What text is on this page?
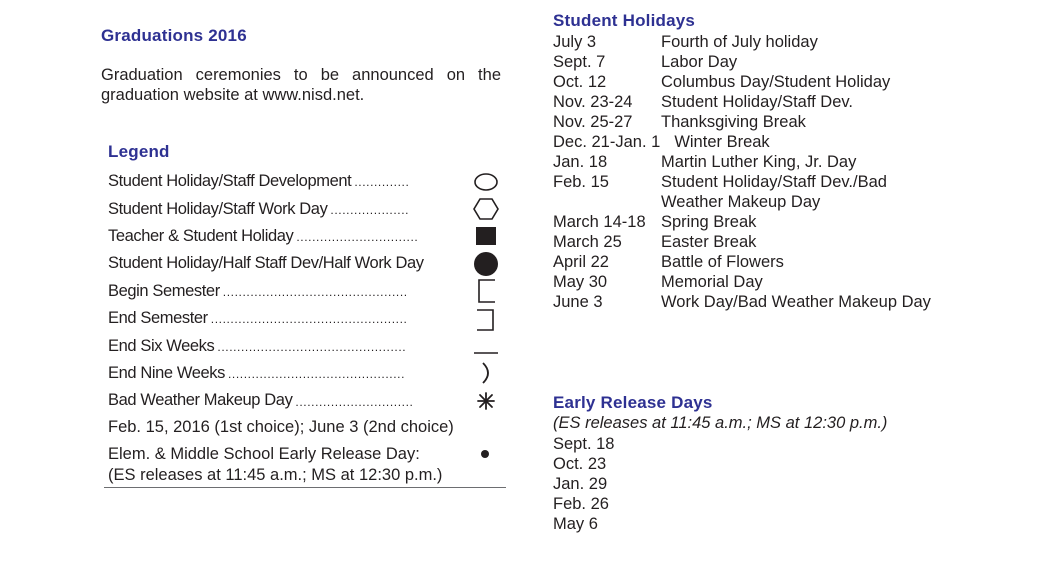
Graduations 2016
Graduation ceremonies to be announced on the graduation website at www.nisd.net.
Legend
Student Holiday/Staff Development ..............
Student Holiday/Staff Work Day ....................
Teacher & Student Holiday ...............................
Student Holiday/Half Staff Dev/Half Work Day
Begin Semester ...............................................
End Semester ..................................................
End Six Weeks ................................................
End Nine Weeks .............................................
Bad Weather Makeup Day ..............................
Feb. 15, 2016 (1st choice); June 3 (2nd choice)
Elem. & Middle School Early Release Day:
(ES releases at 11:45 a.m.; MS at 12:30 p.m.)
Student Holidays
July 3	Fourth of July holiday
Sept. 7	Labor Day
Oct. 12	Columbus Day/Student Holiday
Nov. 23-24	Student Holiday/Staff Dev.
Nov. 25-27	Thanksgiving Break
Dec. 21-Jan. 1 Winter Break
Jan. 18	Martin Luther King, Jr. Day
Feb. 15	Student Holiday/Staff Dev./Bad
Weather Makeup Day
March 14-18 Spring Break
March 25	Easter Break
April 22	Battle of Flowers
May 30	Memorial Day
June 3	Work Day/Bad Weather Makeup Day
Early Release Days
(ES releases at 11:45 a.m.; MS at 12:30 p.m.)
Sept. 18
Oct. 23
Jan. 29
Feb. 26
May 6
